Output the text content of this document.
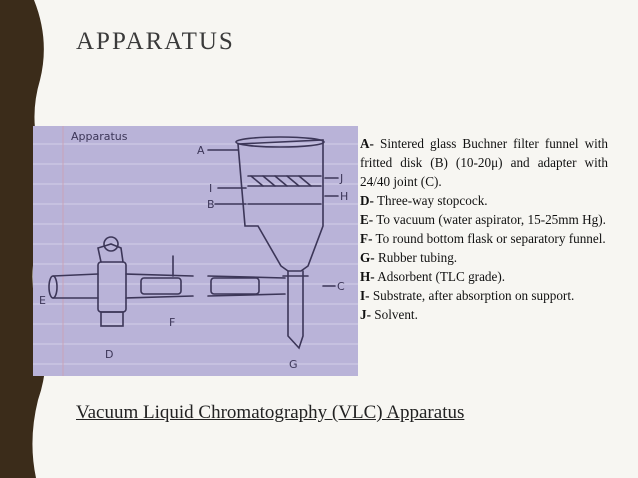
APPARATUS
Apparatus
A
I
B
J
H
C
E
F
D
G
A- Sintered glass Buchner filter funnel with fritted disk (B) (10-20μ) and adapter with 24/40 joint (C).
D- Three-way stopcock.
E- To vacuum (water aspirator, 15-25mm Hg).
F- To round bottom flask or separatory funnel.
G- Rubber tubing.
H- Adsorbent (TLC grade).
I- Substrate, after absorption on support.
J- Solvent.
Vacuum Liquid Chromatography (VLC) Apparatus
